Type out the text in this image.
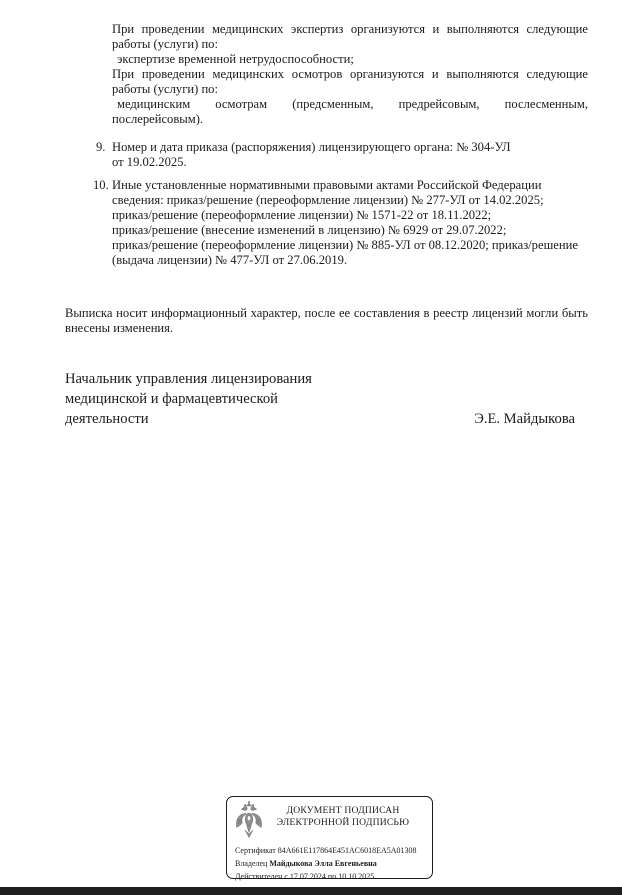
При проведении медицинских экспертиз организуются и выполняются следующие
работы (услуги) по:
экспертизе временной нетрудоспособности;
При проведении медицинских осмотров организуются и выполняются следующие
работы (услуги) по:
медицинским осмотрам (предсменным, предрейсовым, послесменным,
послерейсовым).
9. Номер и дата приказа (распоряжения) лицензирующего органа: № 304-УЛ
от 19.02.2025.
10. Иные установленные нормативными правовыми актами Российской Федерации
сведения: приказ/решение (переоформление лицензии) № 277-УЛ от 14.02.2025;
приказ/решение (переоформление лицензии) № 1571-22 от 18.11.2022;
приказ/решение (внесение изменений в лицензию) № 6929 от 29.07.2022;
приказ/решение (переоформление лицензии) № 885-УЛ от 08.12.2020; приказ/решение
(выдача лицензии) № 477-УЛ от 27.06.2019.
Выписка носит информационный характер, после ее составления в реестр лицензий могли быть
внесены изменения.
Начальник управления лицензирования
медицинской и фармацевтической
деятельности	Э.Е. Майдыкова
ДОКУМЕНТ ПОДПИСАН
ЭЛЕКТРОННОЙ ПОДПИСЬЮ
Сертификат 84A661E117864E451AC6018EA5A01308
Владелец Майдыкова Элла Евгеньевна
Действителен с 17.07.2024 по 10.10.2025
